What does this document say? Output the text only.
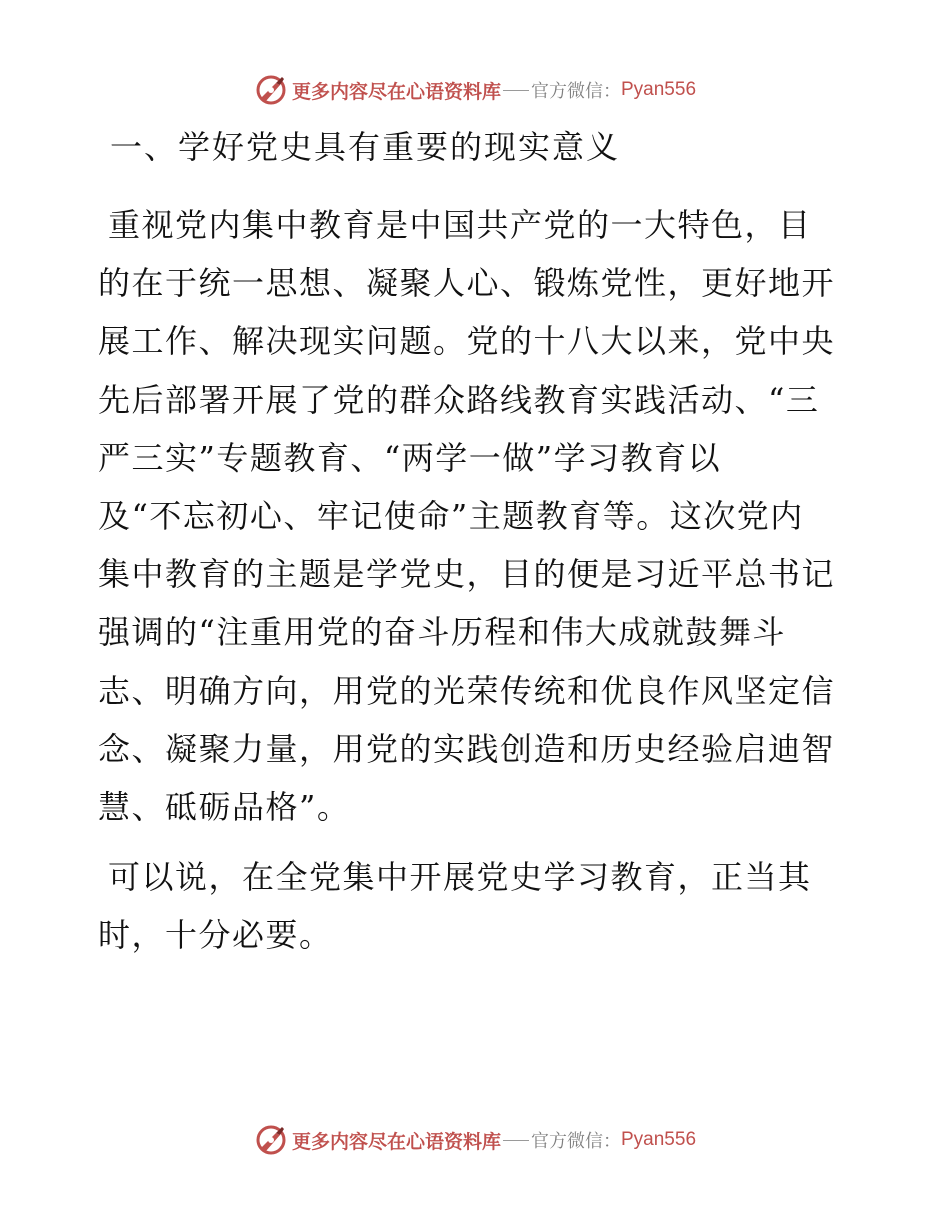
更多内容尽在心语资料库 官方微信： Pyan556
一、学好党史具有重要的现实意义

重视党内集中教育是中国共产党的一大特色，目
的在于统一思想、凝聚人心、锻炼党性，更好地开
展工作、解决现实问题。党的十八大以来，党中央
先后部署开展了党的群众路线教育实践活动、“三
严三实”专题教育、“两学一做”学习教育以
及“不忘初心、牢记使命”主题教育等。这次党内
集中教育的主题是学党史，目的便是习近平总书记
强调的“注重用党的奋斗历程和伟大成就鼓舞斗
志、明确方向，用党的光荣传统和优良作风坚定信
念、凝聚力量，用党的实践创造和历史经验启迪智
慧、砥砺品格”。

可以说，在全党集中开展党史学习教育，正当其
时，十分必要。

更多内容尽在心语资料库 官方微信： Pyan556
